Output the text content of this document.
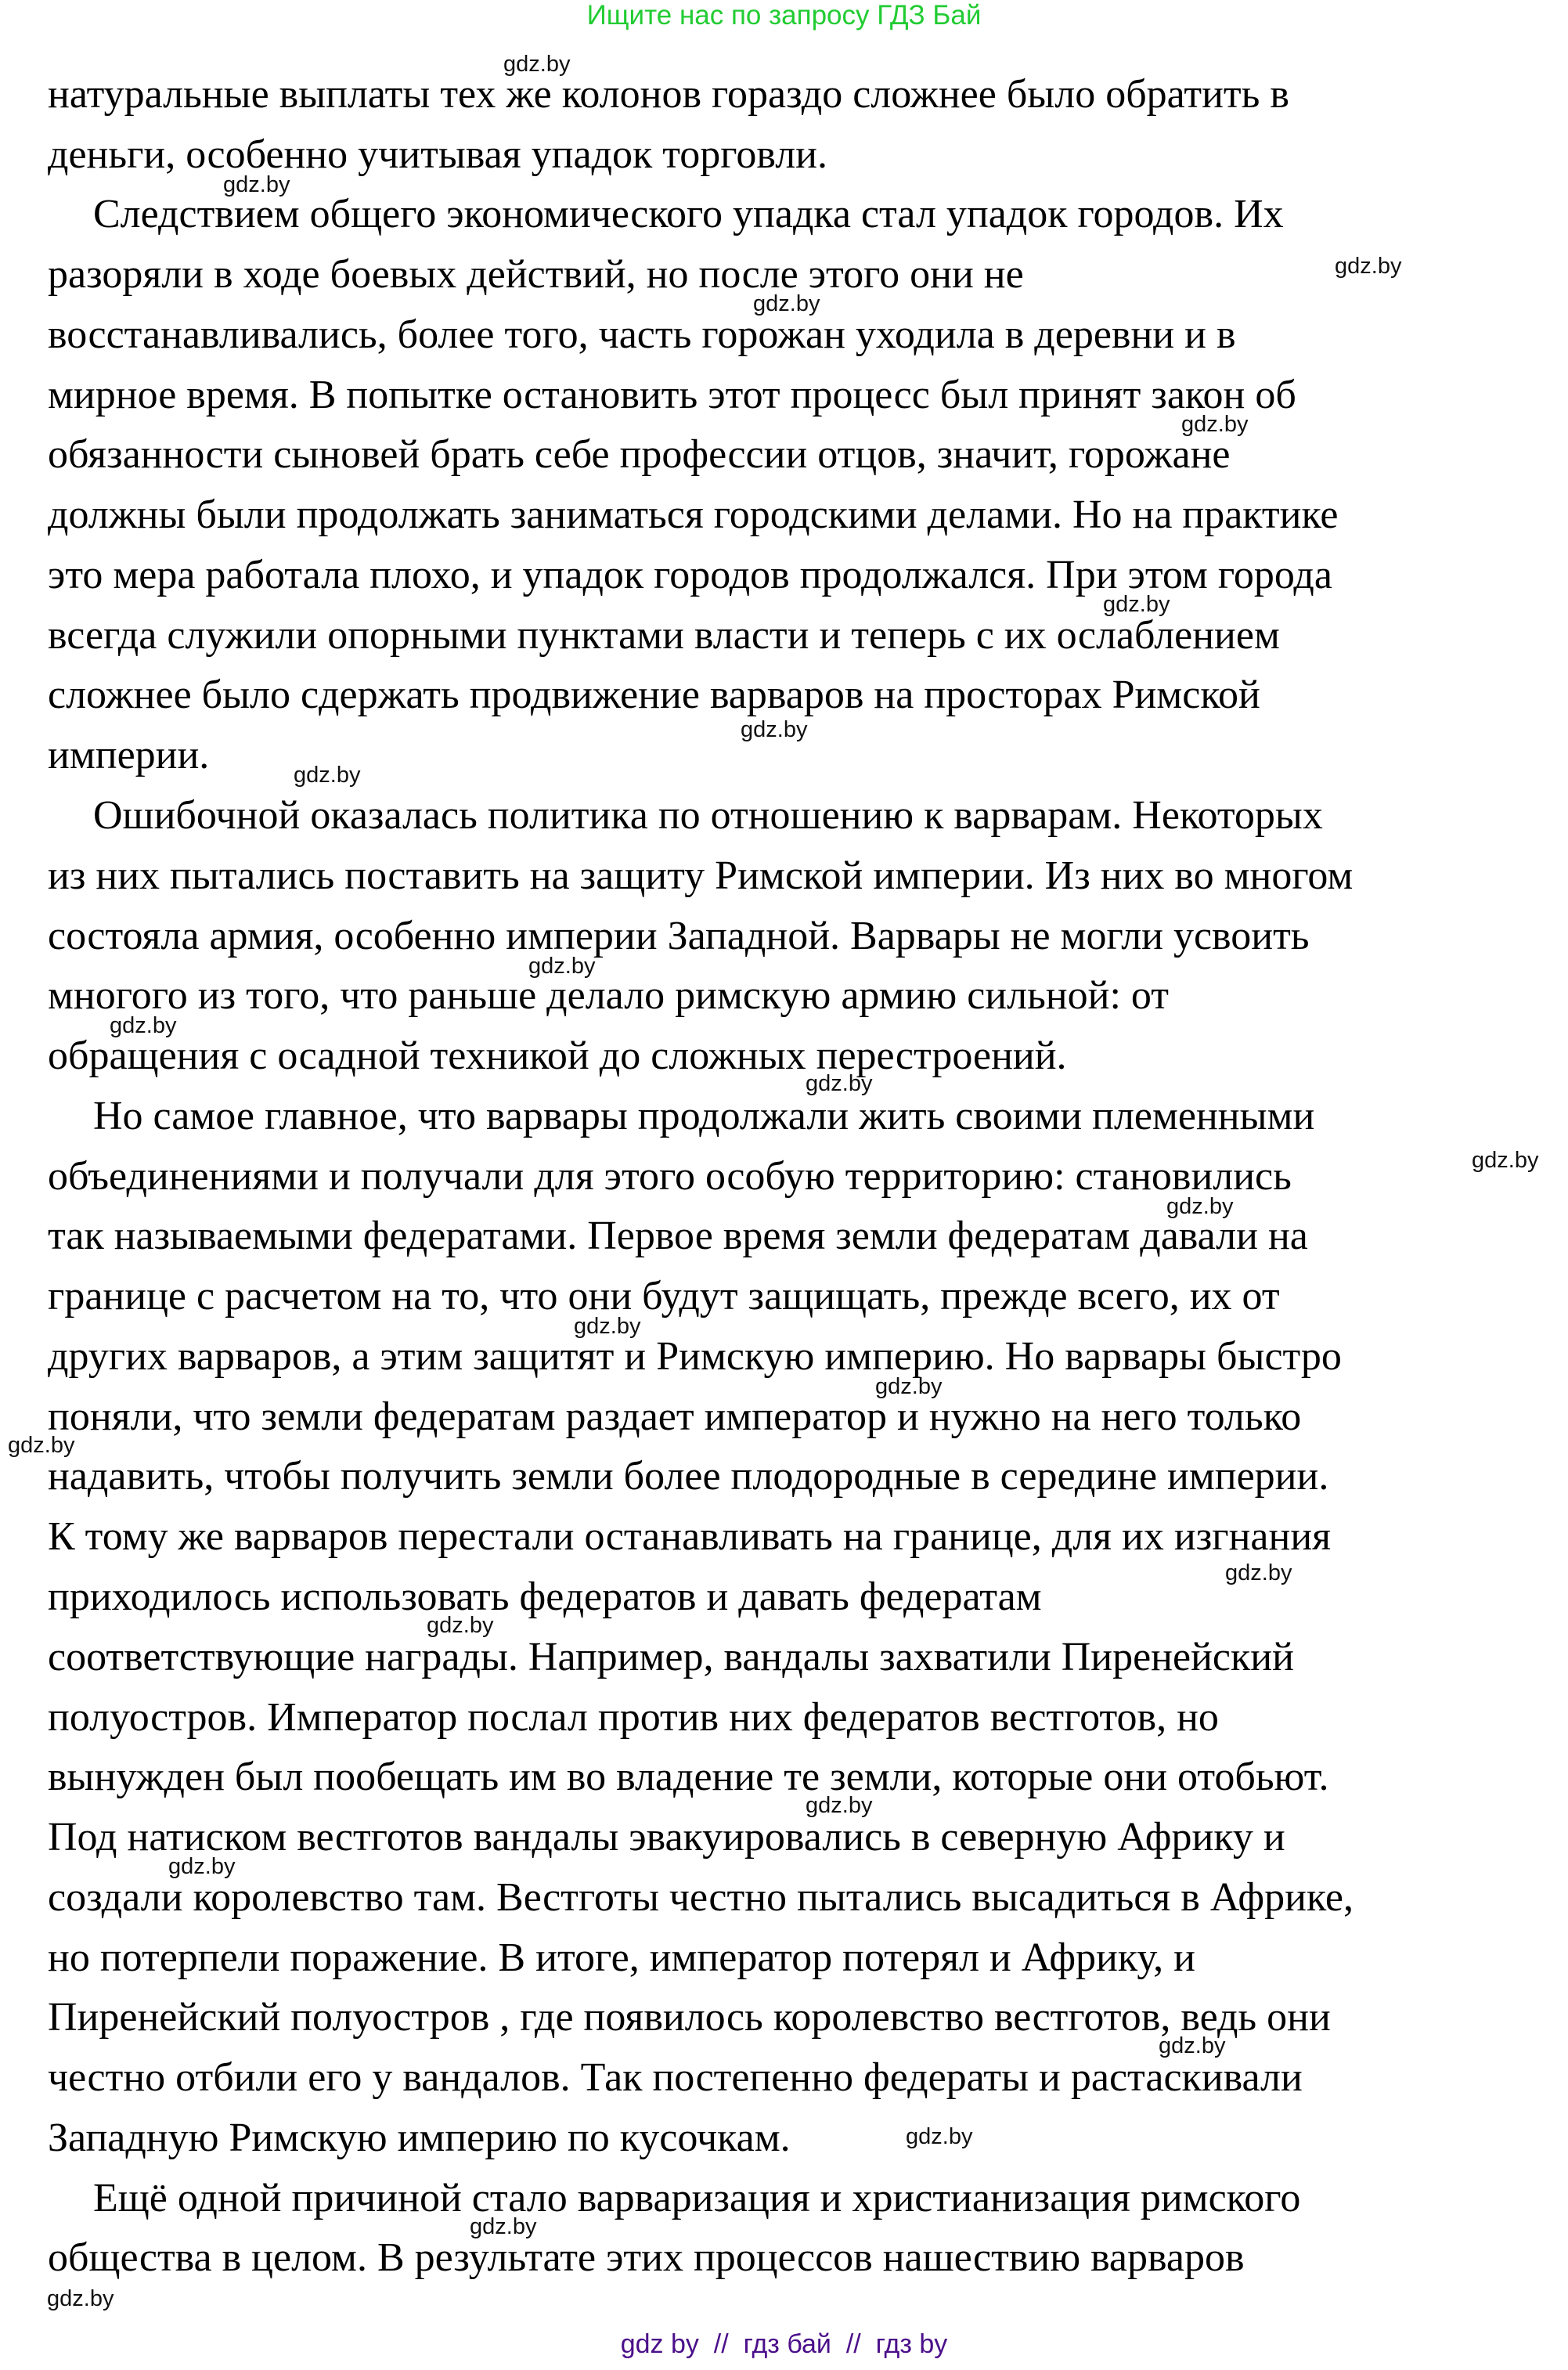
Ищите нас по запросу ГДЗ Бай
натуральные выплаты тех же колонов гораздо сложнее было обратить в
деньги, особенно учитывая упадок торговли.
Следствием общего экономического упадка стал упадок городов. Их
разоряли в ходе боевых действий, но после этого они не
восстанавливались, более того, часть горожан уходила в деревни и в
мирное время. В попытке остановить этот процесс был принят закон об
обязанности сыновей брать себе профессии отцов, значит, горожане
должны были продолжать заниматься городскими делами. Но на практике
это мера работала плохо, и упадок городов продолжался. При этом города
всегда служили опорными пунктами власти и теперь с их ослаблением
сложнее было сдержать продвижение варваров на просторах Римской
империи.
Ошибочной оказалась политика по отношению к варварам. Некоторых
из них пытались поставить на защиту Римской империи. Из них во многом
состояла армия, особенно империи Западной. Варвары не могли усвоить
многого из того, что раньше делало римскую армию сильной: от
обращения с осадной техникой до сложных перестроений.
Но самое главное, что варвары продолжали жить своими племенными
объединениями и получали для этого особую территорию: становились
так называемыми федератами. Первое время земли федератам давали на
границе с расчетом на то, что они будут защищать, прежде всего, их от
других варваров, а этим защитят и Римскую империю. Но варвары быстро
поняли, что земли федератам раздает император и нужно на него только
надавить, чтобы получить земли более плодородные в середине империи.
К тому же варваров перестали останавливать на границе, для их изгнания
приходилось использовать федератов и давать федератам
соответствующие награды. Например, вандалы захватили Пиренейский
полуостров. Император послал против них федератов вестготов, но
вынужден был пообещать им во владение те земли, которые они отобьют.
Под натиском вестготов вандалы эвакуировались в северную Африку и
создали королевство там. Вестготы честно пытались высадиться в Африке,
но потерпели поражение. В итоге, император потерял и Африку, и
Пиренейский полуостров , где появилось королевство вестготов, ведь они
честно отбили его у вандалов. Так постепенно федераты и растаскивали
Западную Римскую империю по кусочкам.
Ещё одной причиной стало варваризация и христианизация римского
общества в целом. В результате этих процессов нашествию варваров
gdz.by
gdz.by
gdz.by
gdz.by
gdz.by
gdz.by
gdz.by
gdz.by
gdz.by
gdz.by
gdz.by
gdz.by
gdz.by
gdz.by
gdz.by
gdz.by
gdz.by
gdz.by
gdz.by
gdz.by
gdz.by
gdz.by
gdz.by
gdz.by
gdz by  //  гдз бай  //  гдз by
